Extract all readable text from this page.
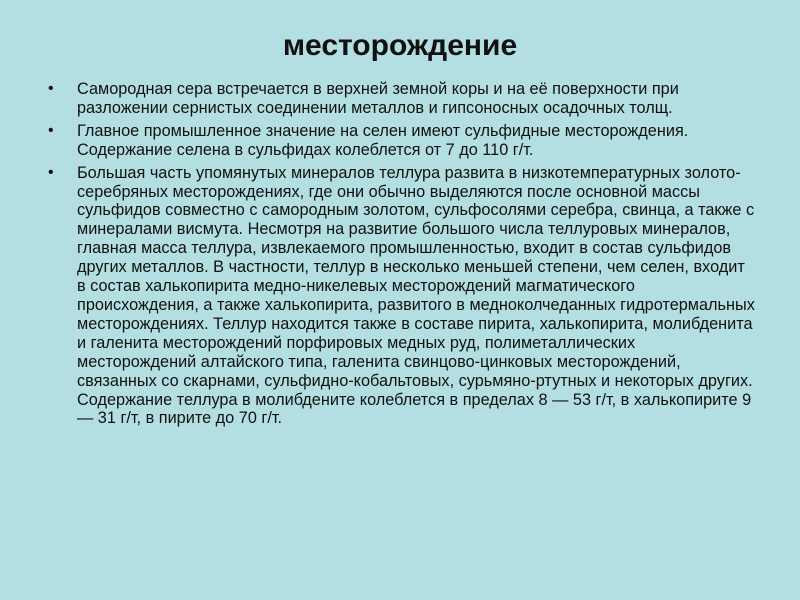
месторождение
• Самородная сера встречается в верхней земной коры и на её поверхности при разложении сернистых соединении металлов и гипсоносных осадочных толщ.
• Главное промышленное значение на селен имеют сульфидные месторождения. Содержание селена в сульфидах колеблется от 7 до 110 г/т.
• Большая часть упомянутых минералов теллура развита в низкотемпературных золото-серебряных месторождениях, где они обычно выделяются после основной массы сульфидов совместно с самородным золотом, сульфосолями серебра, свинца, а также с минералами висмута. Несмотря на развитие большого числа теллуровых минералов, главная масса теллура, извлекаемого промышленностью, входит в состав сульфидов других металлов. В частности, теллур в несколько меньшей степени, чем селен, входит в состав халькопирита медно-никелевых месторождений магматического происхождения, а также халькопирита, развитого в медноколчеданных гидротермальных месторождениях. Теллур находится также в составе пирита, халькопирита, молибденита и галенита месторождений порфировых медных руд, полиметаллических месторождений алтайского типа, галенита свинцово-цинковых месторождений, связанных со скарнами, сульфидно-кобальтовых, сурьмяно-ртутных и некоторых других. Содержание теллура в молибдените колеблется в пределах 8 — 53 г/т, в халькопирите 9 — 31 г/т, в пирите до 70 г/т.
